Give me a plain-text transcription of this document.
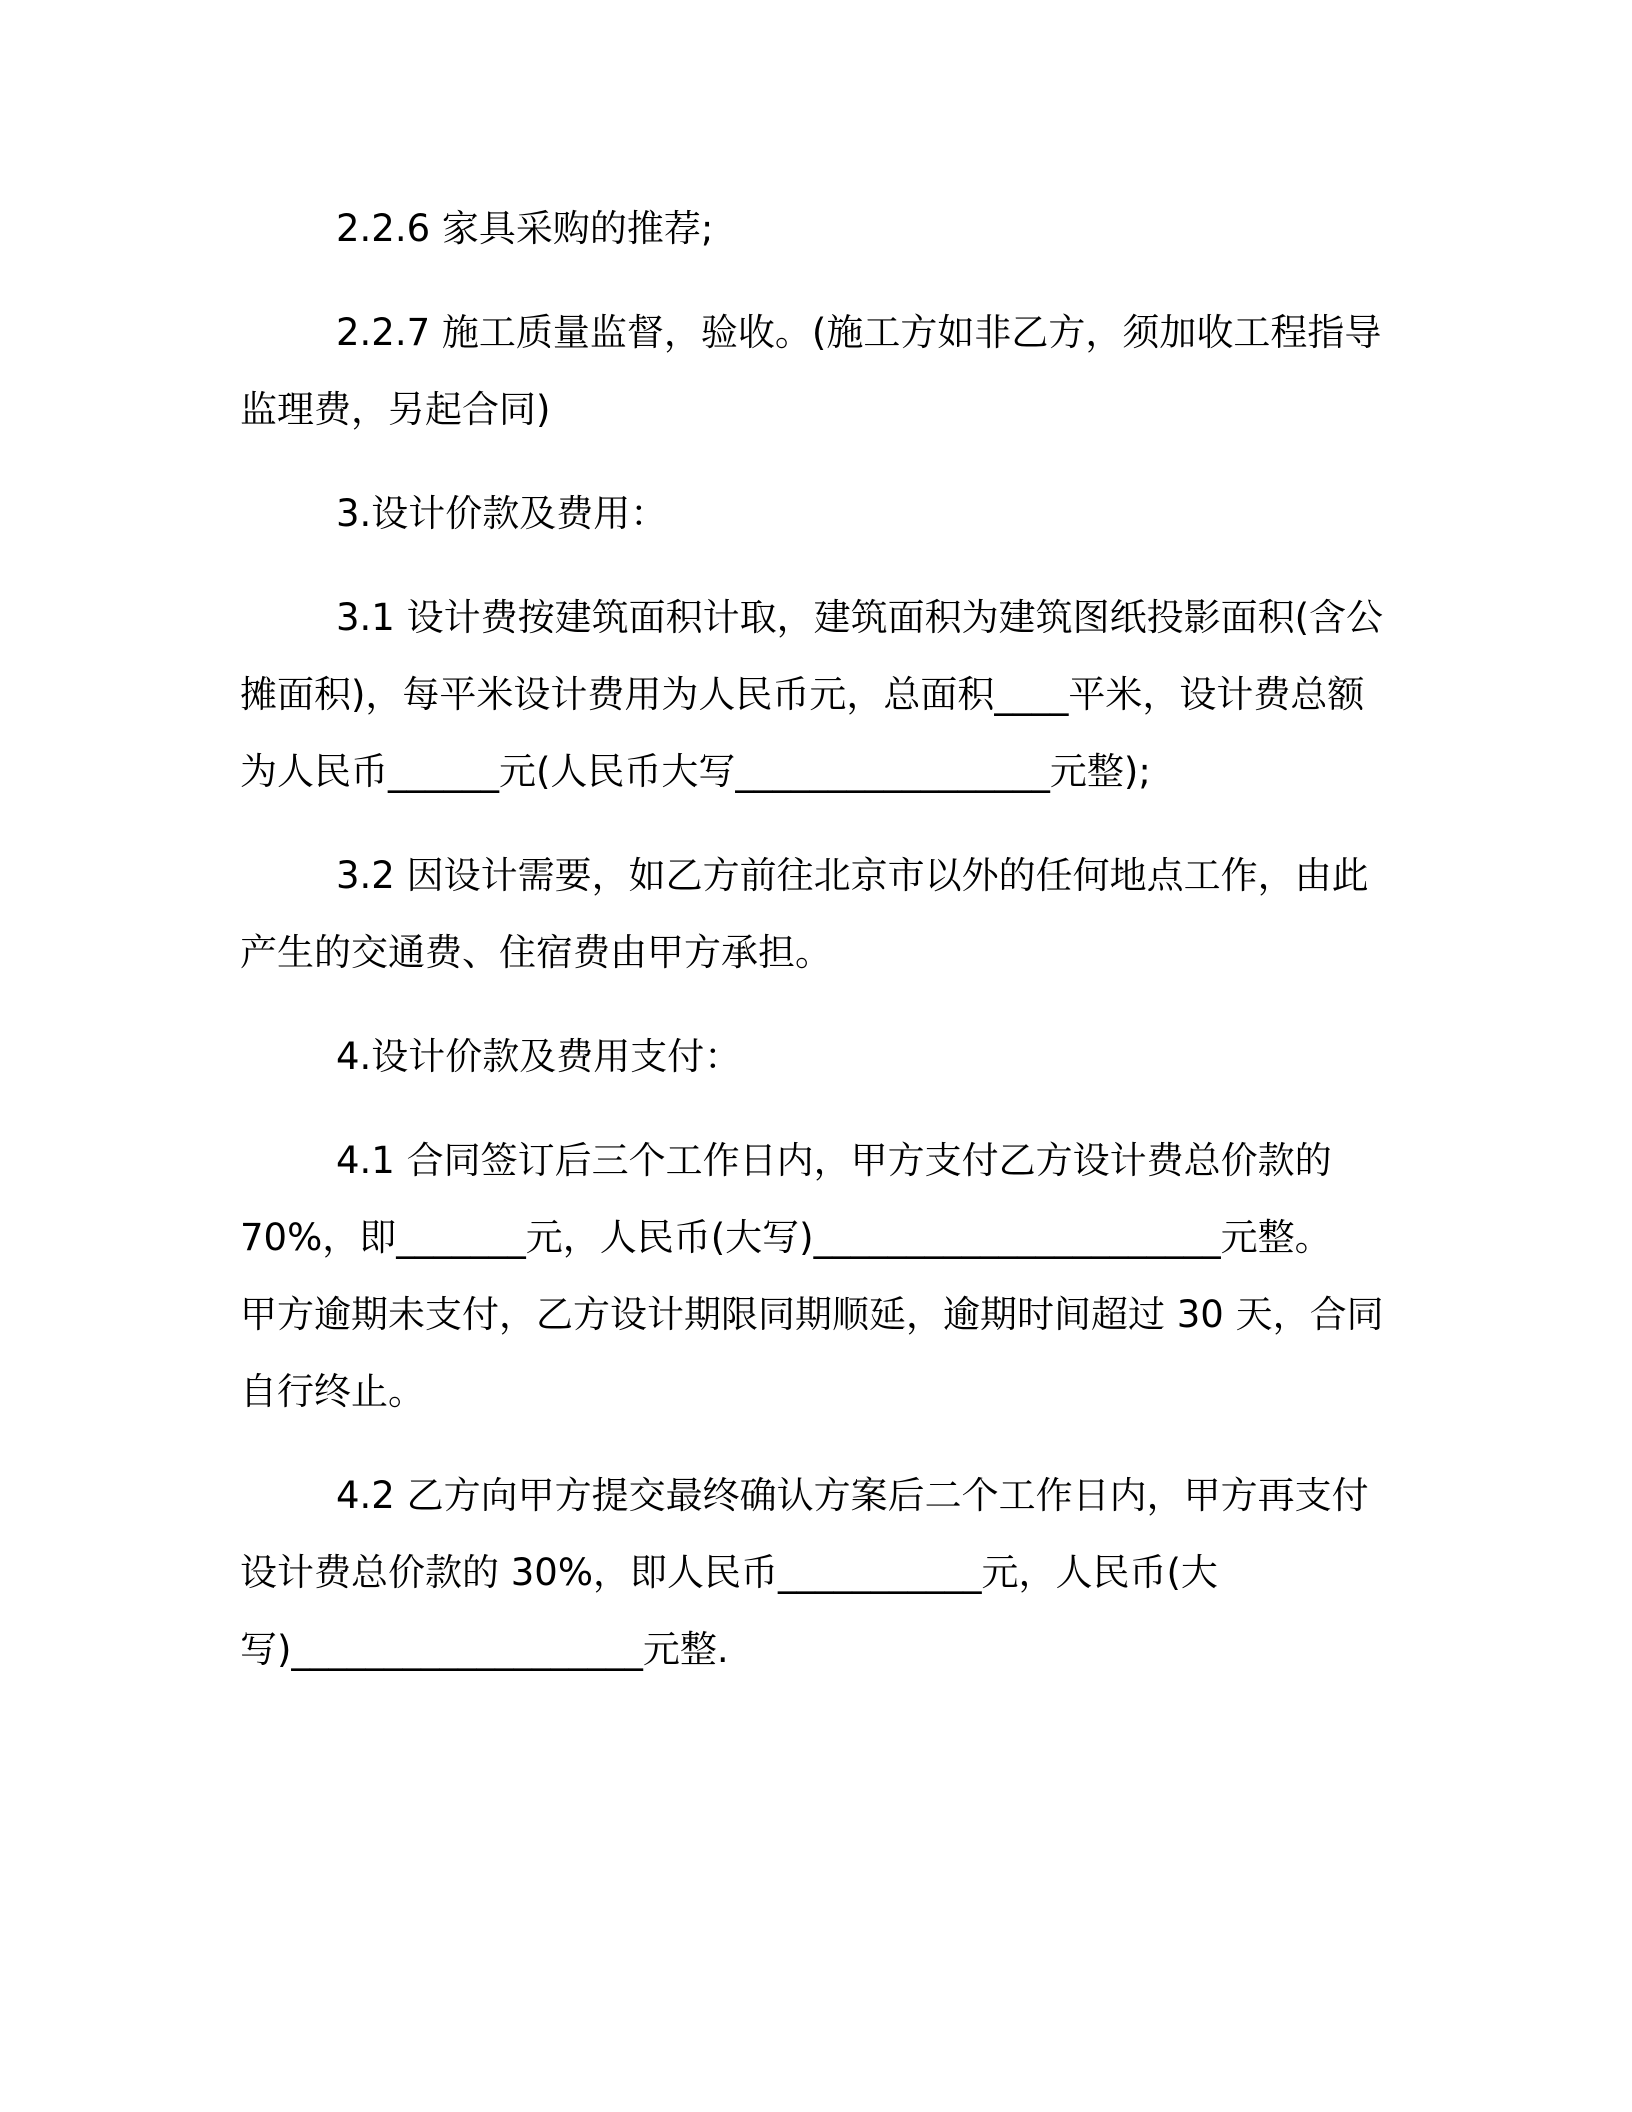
2.2.6 家具采购的推荐;
2.2.7 施工质量监督，验收。(施工方如非乙方，须加收工程指导
监理费，另起合同)
3.设计价款及费用：
3.1 设计费按建筑面积计取，建筑面积为建筑图纸投影面积(含公
摊面积)，每平米设计费用为人民币元，总面积____平米，设计费总额
为人民币______元(人民币大写_________________元整);
3.2 因设计需要，如乙方前往北京市以外的任何地点工作，由此
产生的交通费、住宿费由甲方承担。
4.设计价款及费用支付：
4.1 合同签订后三个工作日内，甲方支付乙方设计费总价款的
70%，即_______元，人民币(大写)______________________元整。
甲方逾期未支付，乙方设计期限同期顺延，逾期时间超过 30 天，合同
自行终止。
4.2 乙方向甲方提交最终确认方案后二个工作日内，甲方再支付
设计费总价款的 30%，即人民币___________元，人民币(大
写)___________________元整.
